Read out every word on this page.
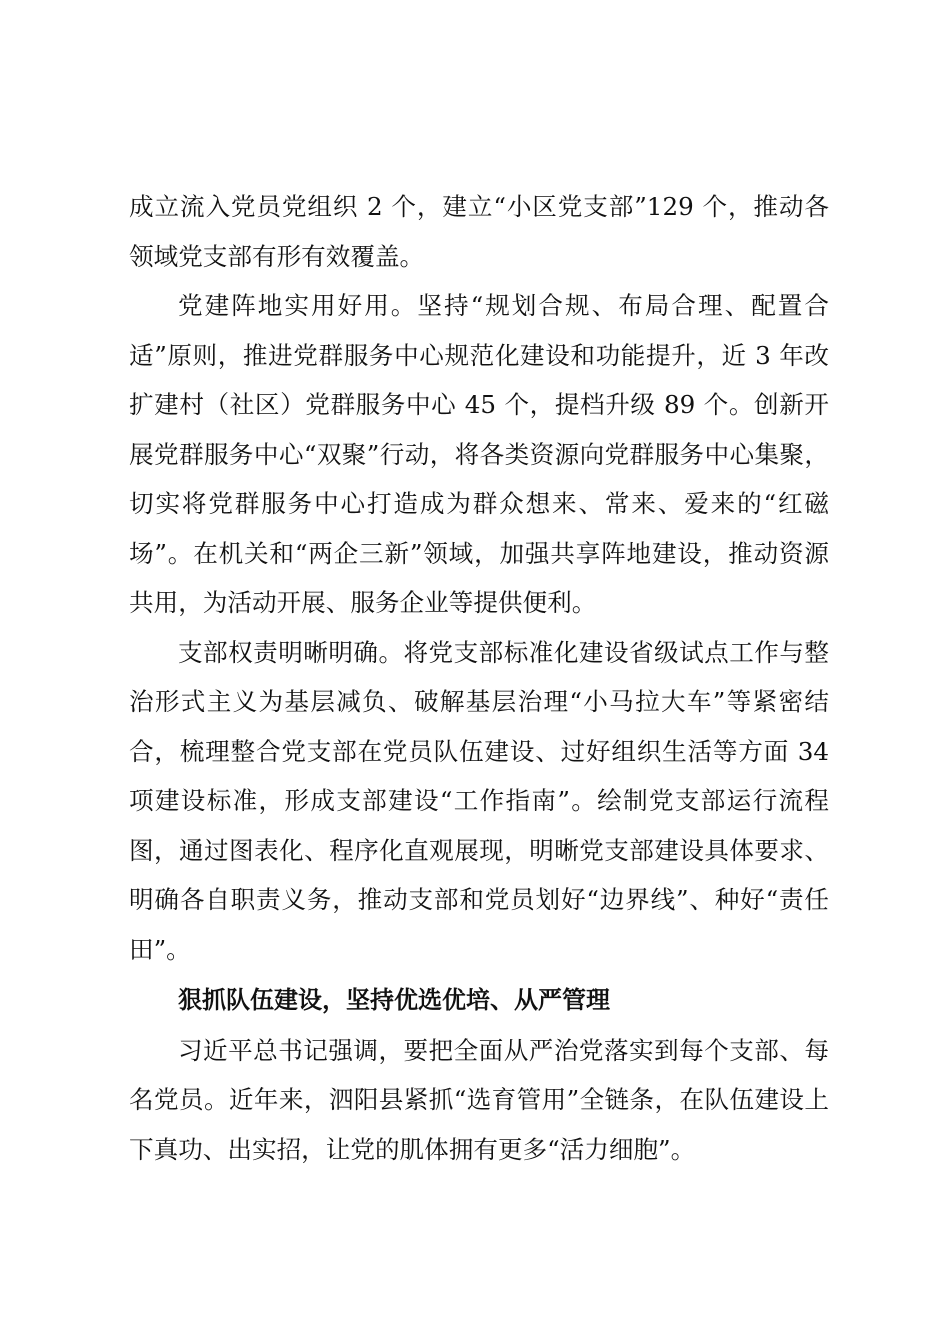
成立流入党员党组织 2 个，建立“小区党支部”129 个，推动各领域党支部有形有效覆盖。

党建阵地实用好用。坚持“规划合规、布局合理、配置合适”原则，推进党群服务中心规范化建设和功能提升，近 3 年改扩建村（社区）党群服务中心 45 个，提档升级 89 个。创新开展党群服务中心“双聚”行动，将各类资源向党群服务中心集聚，切实将党群服务中心打造成为群众想来、常来、爱来的“红磁场”。在机关和“两企三新”领域，加强共享阵地建设，推动资源共用，为活动开展、服务企业等提供便利。

支部权责明晰明确。将党支部标准化建设省级试点工作与整治形式主义为基层减负、破解基层治理“小马拉大车”等紧密结合，梳理整合党支部在党员队伍建设、过好组织生活等方面 34 项建设标准，形成支部建设“工作指南”。绘制党支部运行流程图，通过图表化、程序化直观展现，明晰党支部建设具体要求、明确各自职责义务，推动支部和党员划好“边界线”、种好“责任田”。

狠抓队伍建设，坚持优选优培、从严管理

习近平总书记强调，要把全面从严治党落实到每个支部、每名党员。近年来，泗阳县紧抓“选育管用”全链条，在队伍建设上下真功、出实招，让党的肌体拥有更多“活力细胞”。
